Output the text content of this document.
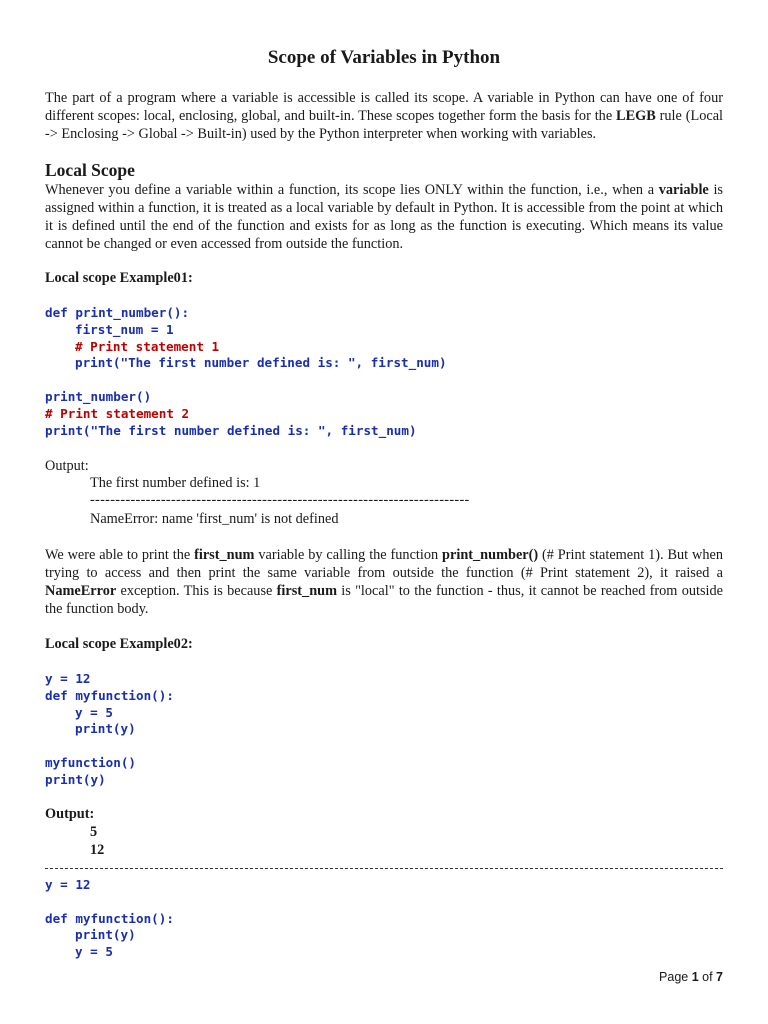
Scope of Variables in Python
The part of a program where a variable is accessible is called its scope. A variable in Python can have one of four different scopes: local, enclosing, global, and built-in. These scopes together form the basis for the LEGB rule (Local -> Enclosing -> Global -> Built-in) used by the Python interpreter when working with variables.
Local Scope
Whenever you define a variable within a function, its scope lies ONLY within the function, i.e., when a variable is assigned within a function, it is treated as a local variable by default in Python. It is accessible from the point at which it is defined until the end of the function and exists for as long as the function is executing. Which means its value cannot be changed or even accessed from outside the function.
Local scope Example01:
def print_number():
first_num = 1
# Print statement 1
print("The first number defined is: ", first_num)
print_number()
# Print statement 2
print("The first number defined is: ", first_num)
Output:
The first number defined is: 1
---------------------------------------------------------------------------
NameError: name 'first_num' is not defined
We were able to print the first_num variable by calling the function print_number() (# Print statement 1). But when trying to access and then print the same variable from outside the function (# Print statement 2), it raised a NameError exception. This is because first_num is "local" to the function - thus, it cannot be reached from outside the function body.
Local scope Example02:
y = 12
def myfunction():
y = 5
print(y)
myfunction()
print(y)
Output:
5
12
y = 12
def myfunction():
print(y)
y = 5
Page 1 of 7
